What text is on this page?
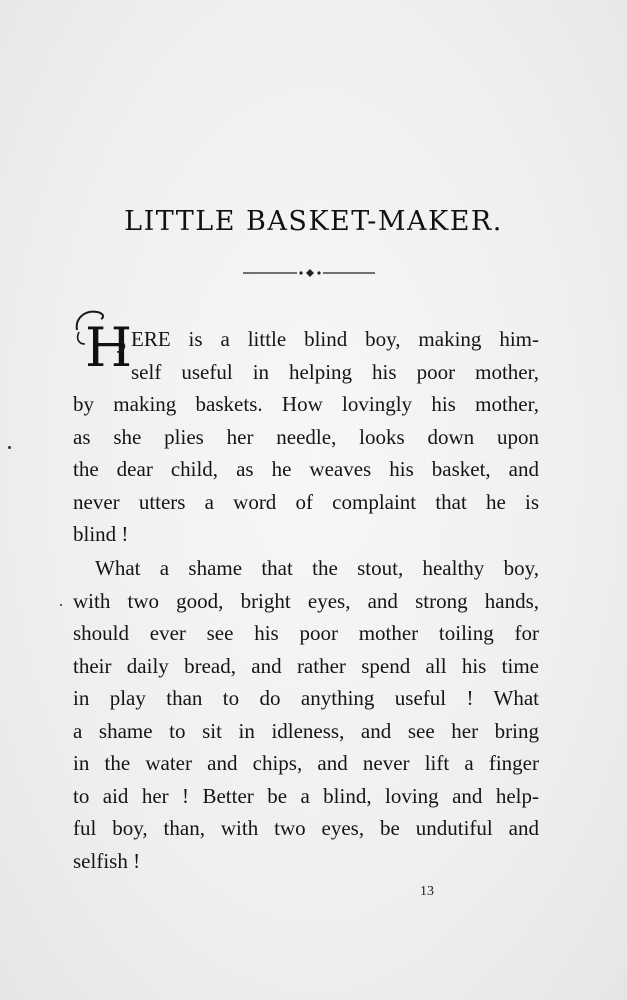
LITTLE BASKET-MAKER.
H
ERE is a little blind boy, making him-
self useful in helping his poor mother,
by making baskets. How lovingly his mother,
as she plies her needle, looks down upon
the dear child, as he weaves his basket, and
never utters a word of complaint that he is
blind !
What a shame that the stout, healthy boy,
with two good, bright eyes, and strong hands,
should ever see his poor mother toiling for
their daily bread, and rather spend all his time
in play than to do anything useful ! What
a shame to sit in idleness, and see her bring
in the water and chips, and never lift a finger
to aid her ! Better be a blind, loving and help-
ful boy, than, with two eyes, be undutiful and
selfish !
13
